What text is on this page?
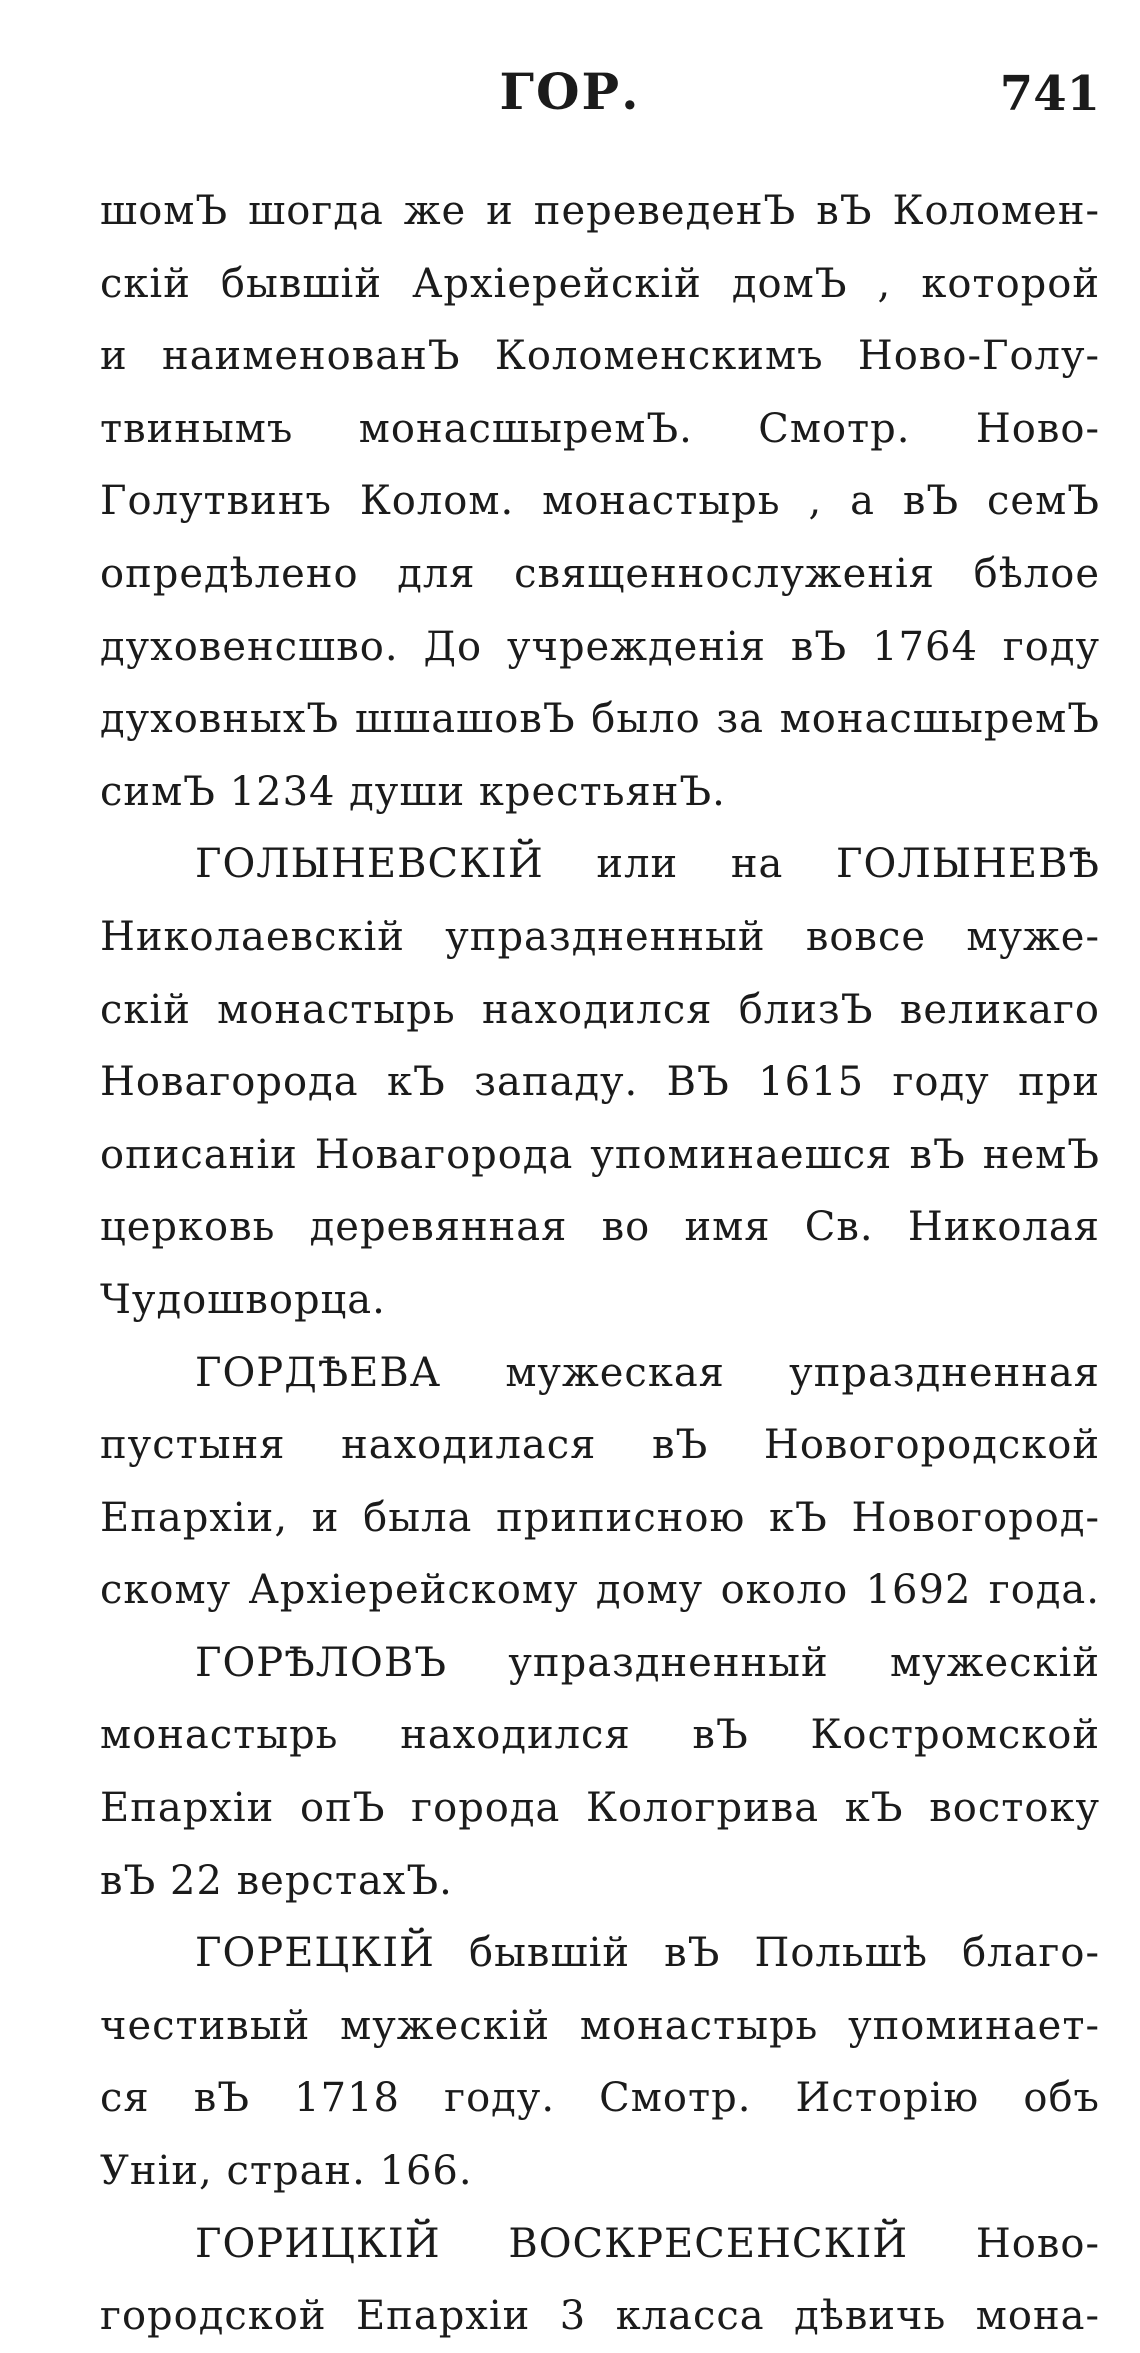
ГОР.	741
шомЪ шогда же и переведенЪ вЪ Коломен-
скій бывшій Архіерейскій домЪ , которой
и наименованЪ Коломенскимъ Ново-Голу-
твинымъ монасшыремЪ. Смотр. Ново-
Голутвинъ Колом. монастырь , а вЪ семЪ
опредѣлено для священнослуженія бѣлое
духовенсшво. До учрежденія вЪ 1764 году
духовныхЪ шшашовЪ было за монасшыремЪ
симЪ 1234 души крестьянЪ.
ГОЛЫНЕВСКІЙ или на ГОЛЫНЕВѢ
Николаевскій упраздненный вовсе муже-
скій монастырь находился близЪ великаго
Новагорода кЪ западу. ВЪ 1615 году при
описаніи Новагорода упоминаешся вЪ немЪ
церковь деревянная во имя Св. Николая
Чудошворца.
ГОРДѢЕВА мужеская упраздненная
пустыня находилася вЪ Новогородской
Епархіи, и была приписною кЪ Новогород-
скому Архіерейскому дому около 1692 года.
ГОРѢЛОВЪ упраздненный мужескій
монастырь находился вЪ Костромской
Епархіи опЪ города Кологрива кЪ востоку
вЪ 22 верстахЪ.
ГОРЕЦКІЙ бывшій вЪ Польшѣ благо-
честивый мужескій монастырь упоминает-
ся вЪ 1718 году. Смотр. Исторію объ
Уніи, стран. 166.
ГОРИЦКІЙ ВОСКРЕСЕНСКІЙ Ново-
городской Епархіи 3 класса дѣвичь мона-
